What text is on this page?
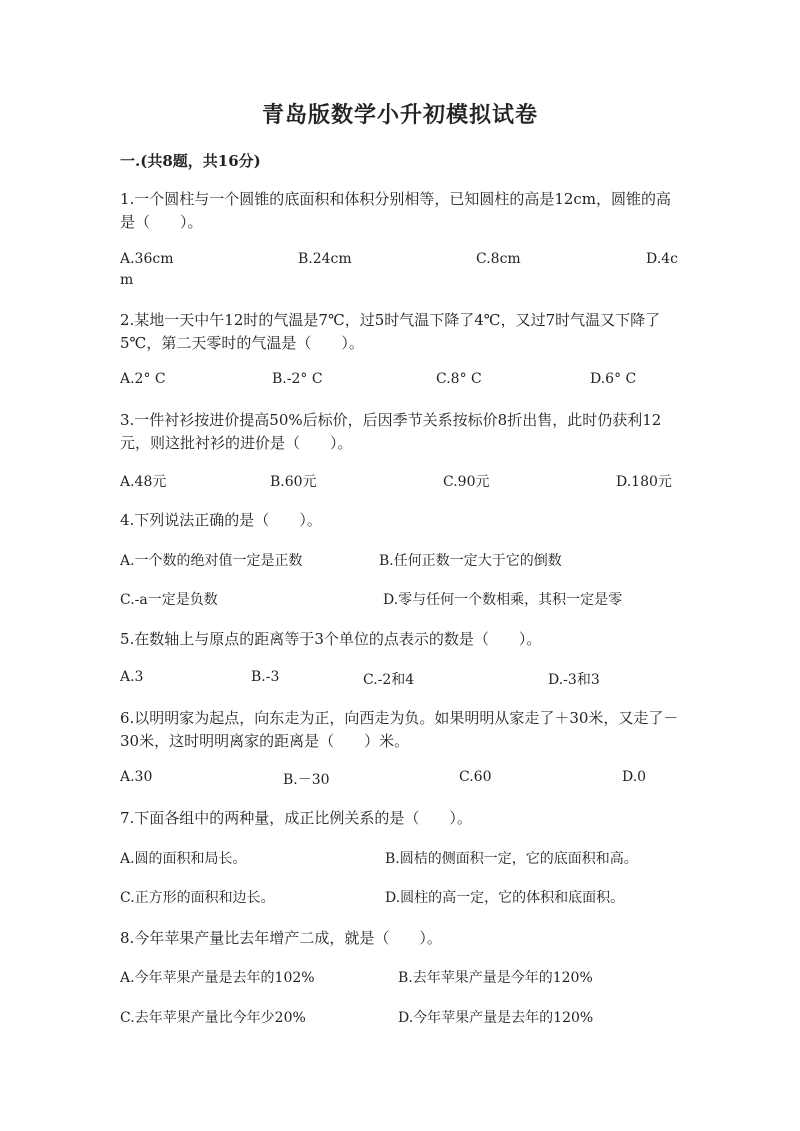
青岛版数学小升初模拟试卷
一.(共8题，共16分)
1.一个圆柱与一个圆锥的底面积和体积分别相等，已知圆柱的高是12cm，圆锥的高是（　　）。
A.36cm	B.24cm	C.8cm	D.4c
m
2.某地一天中午12时的气温是7℃，过5时气温下降了4℃，又过7时气温又下降了5℃，第二天零时的气温是（　　）。
A.2° C	B.-2° C	C.8° C	D.6° C
3.一件衬衫按进价提高50%后标价，后因季节关系按标价8折出售，此时仍获利12元，则这批衬衫的进价是（　　）。
A.48元	B.60元	C.90元	D.180元
4.下列说法正确的是（　　）。
A.一个数的绝对值一定是正数	B.任何正数一定大于它的倒数
C.-a一定是负数	D.零与任何一个数相乘，其积一定是零
5.在数轴上与原点的距离等于3个单位的点表示的数是（　　）。
A.3	B.-3	C.-2和4	D.-3和3
6.以明明家为起点，向东走为正，向西走为负。如果明明从家走了＋30米，又走了－30米，这时明明离家的距离是（　　）米。
A.30	B.－30	C.60	D.0
7.下面各组中的两种量，成正比例关系的是（　　）。
A.圆的面积和局长。	B.圆桔的侧面积一定，它的底面积和高。
C.正方形的面积和边长。	D.圆柱的高一定，它的体积和底面积。
8.今年苹果产量比去年增产二成，就是（　　）。
A.今年苹果产量是去年的102%	B.去年苹果产量是今年的120%
C.去年苹果产量比今年少20%	D.今年苹果产量是去年的120%
